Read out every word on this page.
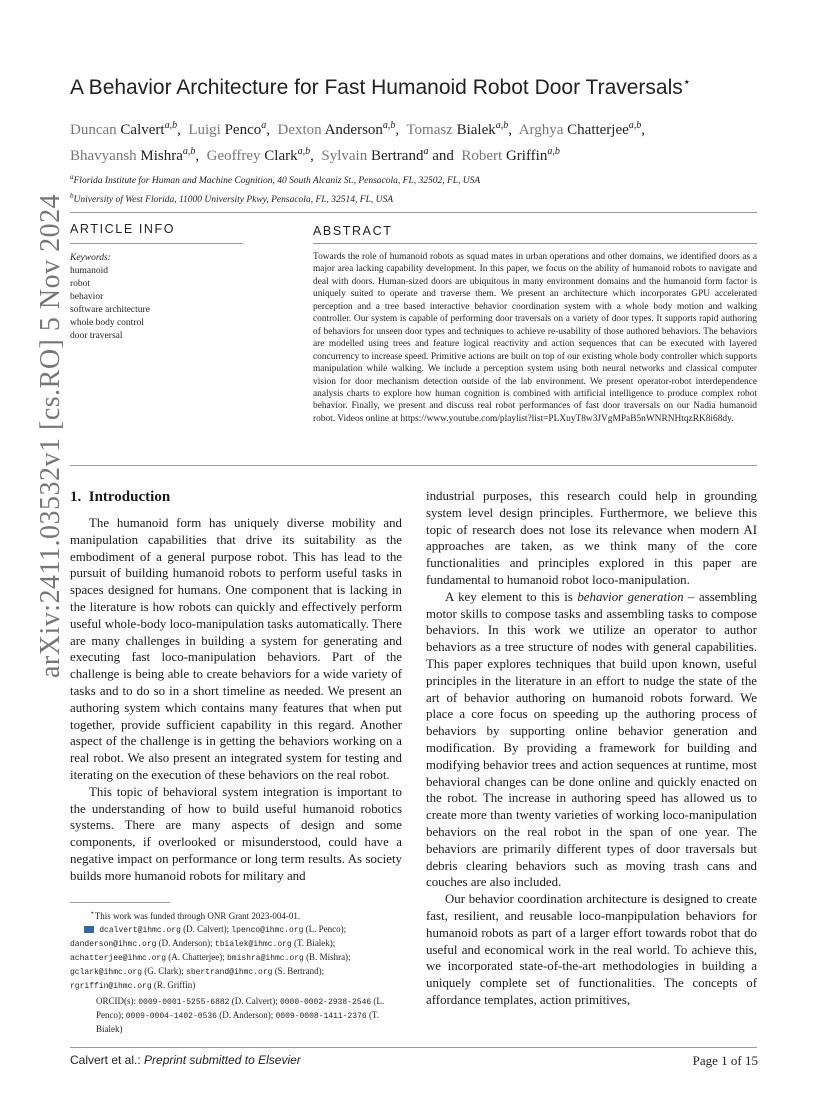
arXiv:2411.03532v1 [cs.RO] 5 Nov 2024
A Behavior Architecture for Fast Humanoid Robot Door Traversals⋆
Duncan Calvert$^{a,b}$, Luigi Penco$^a$, Dexton Anderson$^{a,b}$, Tomasz Bialek$^{a,b}$, Arghya Chatterjee$^{a,b}$,
Bhavyansh Mishra$^{a,b}$, Geoffrey Clark$^{a,b}$, Sylvain Bertrand$^a$ and Robert Griffin$^{a,b}$
$^a$Florida Institute for Human and Machine Cognition, 40 South Alcaniz St., Pensacola, FL, 32502, FL, USA
$^b$University of West Florida, 11000 University Pkwy, Pensacola, FL, 32514, FL, USA
ARTICLE INFO
Keywords:
humanoid
robot
behavior
software architecture
whole body control
door traversal
ABSTRACT
Towards the role of humanoid robots as squad mates in urban operations and other domains, we identified doors as a major area lacking capability development. In this paper, we focus on the ability of humanoid robots to navigate and deal with doors. Human-sized doors are ubiquitous in many environment domains and the humanoid form factor is uniquely suited to operate and traverse them. We present an architecture which incorporates GPU accelerated perception and a tree based interactive behavior coordination system with a whole body motion and walking controller. Our system is capable of performing door traversals on a variety of door types. It supports rapid authoring of behaviors for unseen door types and techniques to achieve re-usability of those authored behaviors. The behaviors are modelled using trees and feature logical reactivity and action sequences that can be executed with layered concurrency to increase speed. Primitive actions are built on top of our existing whole body controller which supports manipulation while walking. We include a perception system using both neural networks and classical computer vision for door mechanism detection outside of the lab environment. We present operator-robot interdependence analysis charts to explore how human cognition is combined with artificial intelligence to produce complex robot behavior. Finally, we present and discuss real robot performances of fast door traversals on our Nadia humanoid robot. Videos online at https://www.youtube.com/playlist?list=PLXuyT8w3JVgMPaB5nWNRNHtqzRK8i68dy.
1. Introduction

The humanoid form has uniquely diverse mobility and manipulation capabilities that drive its suitability as the embodiment of a general purpose robot. This has lead to the pursuit of building humanoid robots to perform useful tasks in spaces designed for humans. One component that is lacking in the literature is how robots can quickly and effectively perform useful whole-body loco-manipulation tasks automatically. There are many challenges in building a system for generating and executing fast loco-manipulation behaviors. Part of the challenge is being able to create behaviors for a wide variety of tasks and to do so in a short timeline as needed. We present an authoring system which contains many features that when put together, provide sufficient capability in this regard. Another aspect of the challenge is in getting the behaviors working on a real robot. We also present an integrated system for testing and iterating on the execution of these behaviors on the real robot.

This topic of behavioral system integration is important to the understanding of how to build useful humanoid robotics systems. There are many aspects of design and some components, if overlooked or misunderstood, could have a negative impact on performance or long term results. As society builds more humanoid robots for military and

industrial purposes, this research could help in grounding system level design principles. Furthermore, we believe this topic of research does not lose its relevance when modern AI approaches are taken, as we think many of the core functionalities and principles explored in this paper are fundamental to humanoid robot loco-manipulation.

A key element to this is behavior generation – assembling motor skills to compose tasks and assembling tasks to compose behaviors. In this work we utilize an operator to author behaviors as a tree structure of nodes with general capabilities. This paper explores techniques that build upon known, useful principles in the literature in an effort to nudge the state of the art of behavior authoring on humanoid robots forward. We place a core focus on speeding up the authoring process of behaviors by supporting online behavior generation and modification. By providing a framework for building and modifying behavior trees and action sequences at runtime, most behavioral changes can be done online and quickly enacted on the robot. The increase in authoring speed has allowed us to create more than twenty varieties of working loco-manipulation behaviors on the real robot in the span of one year. The behaviors are primarily different types of door traversals but debris clearing behaviors such as moving trash cans and couches are also included.

Our behavior coordination architecture is designed to create fast, resilient, and reusable loco-manpipulation behaviors for humanoid robots as part of a larger effort towards robot that do useful and economical work in the real world. To achieve this, we incorporated state-of-the-art methodologies in building a uniquely complete set of functionalities. The concepts of affordance templates, action primitives,

⋆This work was funded through ONR Grant 2023-004-01.
dcalvert@ihmc.org (D. Calvert); lpenco@ihmc.org (L. Penco);
danderson@ihmc.org (D. Anderson); tbialek@ihmc.org (T. Bialek);
achatterjee@ihmc.org (A. Chatterjee); bmishra@ihmc.org (B. Mishra);
gclark@ihmc.org (G. Clark); sbertrand@ihmc.org (S. Bertrand);
rgriffin@ihmc.org (R. Griffin)
ORCID(s): 0009-0001-5255-6882 (D. Calvert); 0000-0002-2938-2546 (L. Penco); 0009-0004-1402-0536 (D. Anderson); 0009-0008-1411-2376 (T. Bialek)
Calvert et al.: Preprint submitted to Elsevier	Page 1 of 15
